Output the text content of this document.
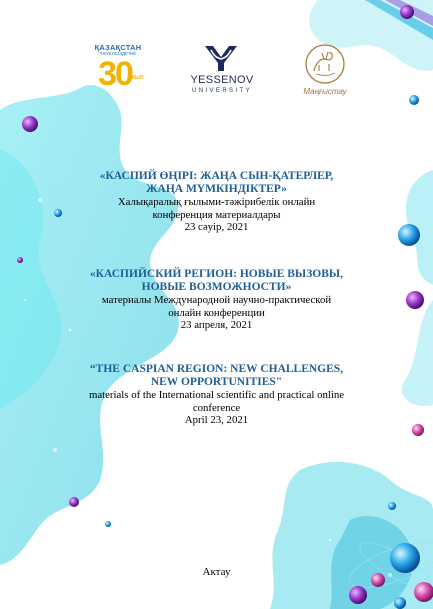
ҚАЗАҚСТАН
ТӘУЕЛСІЗДІГІНЕ
30
ЖЫЛ	YESSENOV
UNIVERSITY	Маңғыстау

«КАСПИЙ ӨҢІРІ: ЖАҢА СЫН-ҚАТЕРЛЕР,

ЖАҢА МҮМКІНДІКТЕР»

Халықаралық ғылыми-тәжірибелік онлайн

конференция материалдары

23 сәуір, 2021

«КАСПИЙСКИЙ РЕГИОН: НОВЫЕ ВЫЗОВЫ,

НОВЫЕ ВОЗМОЖНОСТИ»

материалы Международной научно-практической

онлайн конференции

23 апреля, 2021

“THE CASPIAN REGION: NEW CHALLENGES,

NEW OPPORTUNITIES"

materials of the International scientific and practical online

conference

April 23, 2021

Актау
